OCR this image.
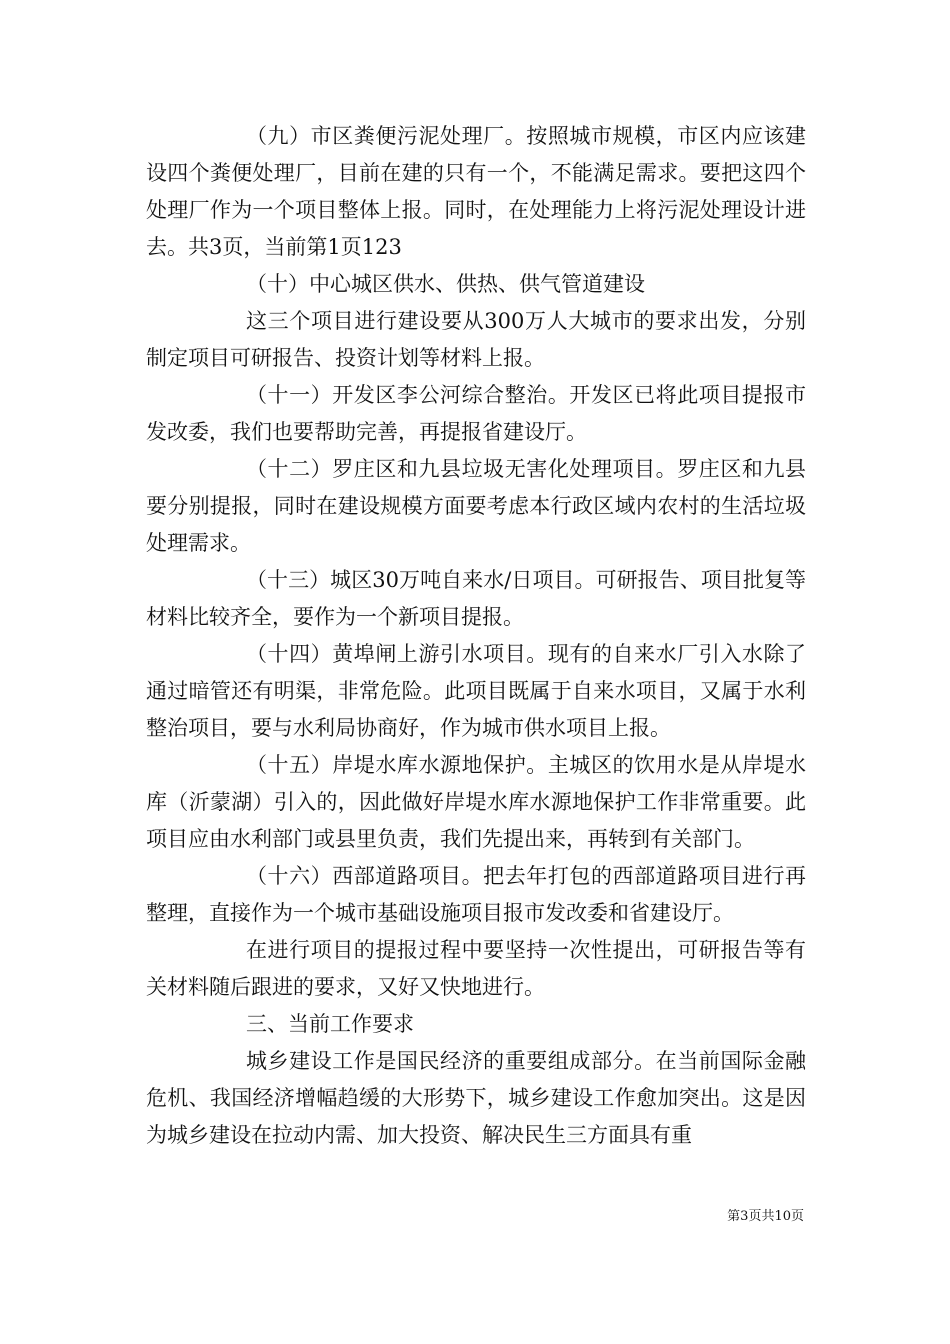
（九）市区粪便污泥处理厂。按照城市规模，市区内应该建设四个粪便处理厂，目前在建的只有一个，不能满足需求。要把这四个处理厂作为一个项目整体上报。同时，在处理能力上将污泥处理设计进去。共3页，当前第1页123

（十）中心城区供水、供热、供气管道建设

这三个项目进行建设要从300万人大城市的要求出发，分别制定项目可研报告、投资计划等材料上报。

（十一）开发区李公河综合整治。开发区已将此项目提报市发改委，我们也要帮助完善，再提报省建设厅。

（十二）罗庄区和九县垃圾无害化处理项目。罗庄区和九县要分别提报，同时在建设规模方面要考虑本行政区域内农村的生活垃圾处理需求。

（十三）城区30万吨自来水/日项目。可研报告、项目批复等材料比较齐全，要作为一个新项目提报。

（十四）黄埠闸上游引水项目。现有的自来水厂引入水除了通过暗管还有明渠，非常危险。此项目既属于自来水项目，又属于水利整治项目，要与水利局协商好，作为城市供水项目上报。

（十五）岸堤水库水源地保护。主城区的饮用水是从岸堤水库（沂蒙湖）引入的，因此做好岸堤水库水源地保护工作非常重要。此项目应由水利部门或县里负责，我们先提出来，再转到有关部门。

（十六）西部道路项目。把去年打包的西部道路项目进行再整理，直接作为一个城市基础设施项目报市发改委和省建设厅。

在进行项目的提报过程中要坚持一次性提出，可研报告等有关材料随后跟进的要求，又好又快地进行。

三、当前工作要求

城乡建设工作是国民经济的重要组成部分。在当前国际金融危机、我国经济增幅趋缓的大形势下，城乡建设工作愈加突出。这是因为城乡建设在拉动内需、加大投资、解决民生三方面具有重

第3页共10页
